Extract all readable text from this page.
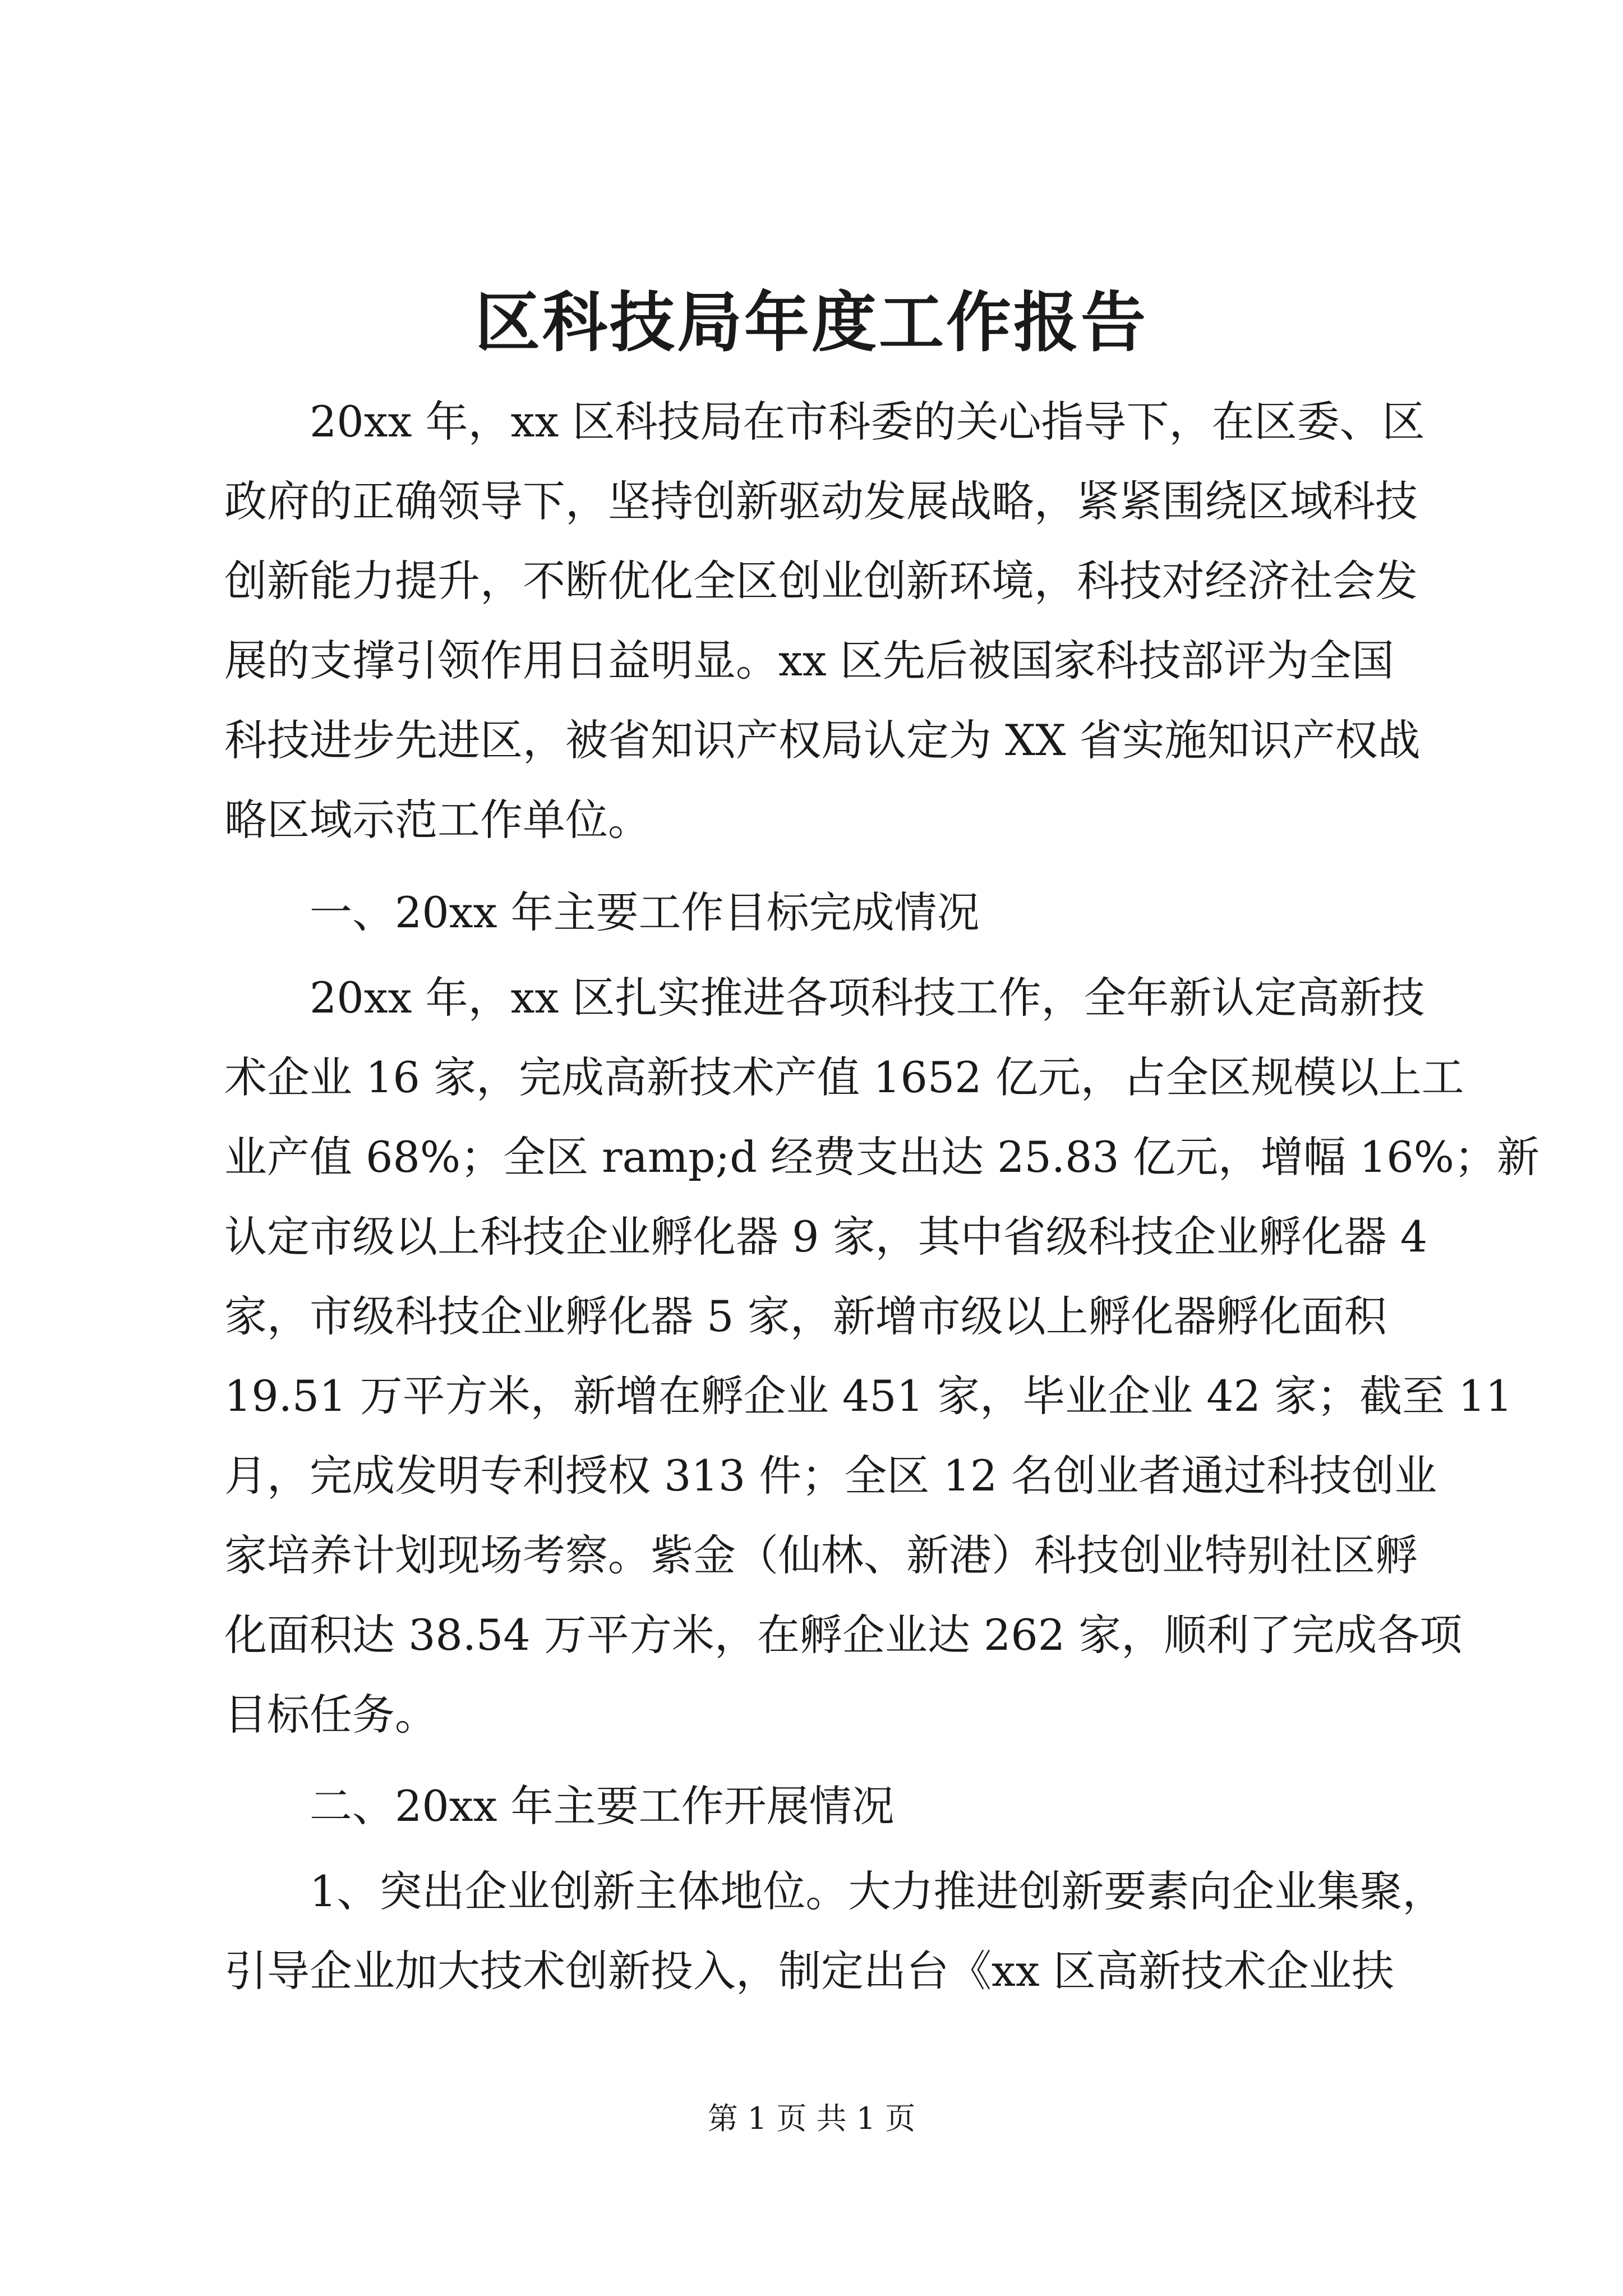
区科技局年度工作报告

　　20xx 年，xx 区科技局在市科委的关心指导下，在区委、区

政府的正确领导下，坚持创新驱动发展战略，紧紧围绕区域科技

创新能力提升，不断优化全区创业创新环境，科技对经济社会发

展的支撑引领作用日益明显。xx 区先后被国家科技部评为全国

科技进步先进区，被省知识产权局认定为 XX 省实施知识产权战

略区域示范工作单位。

　　一、20xx 年主要工作目标完成情况

　　20xx 年，xx 区扎实推进各项科技工作，全年新认定高新技

术企业 16 家，完成高新技术产值 1652 亿元，占全区规模以上工

业产值 68%；全区 ramp;d 经费支出达 25.83 亿元，增幅 16%；新

认定市级以上科技企业孵化器 9 家，其中省级科技企业孵化器 4

家，市级科技企业孵化器 5 家，新增市级以上孵化器孵化面积

19.51 万平方米，新增在孵企业 451 家，毕业企业 42 家；截至 11

月，完成发明专利授权 313 件；全区 12 名创业者通过科技创业

家培养计划现场考察。紫金（仙林、新港）科技创业特别社区孵

化面积达 38.54 万平方米，在孵企业达 262 家，顺利了完成各项

目标任务。

　　二、20xx 年主要工作开展情况

　　1、突出企业创新主体地位。大力推进创新要素向企业集聚，

引导企业加大技术创新投入，制定出台《xx 区高新技术企业扶

第 1 页 共 1 页
